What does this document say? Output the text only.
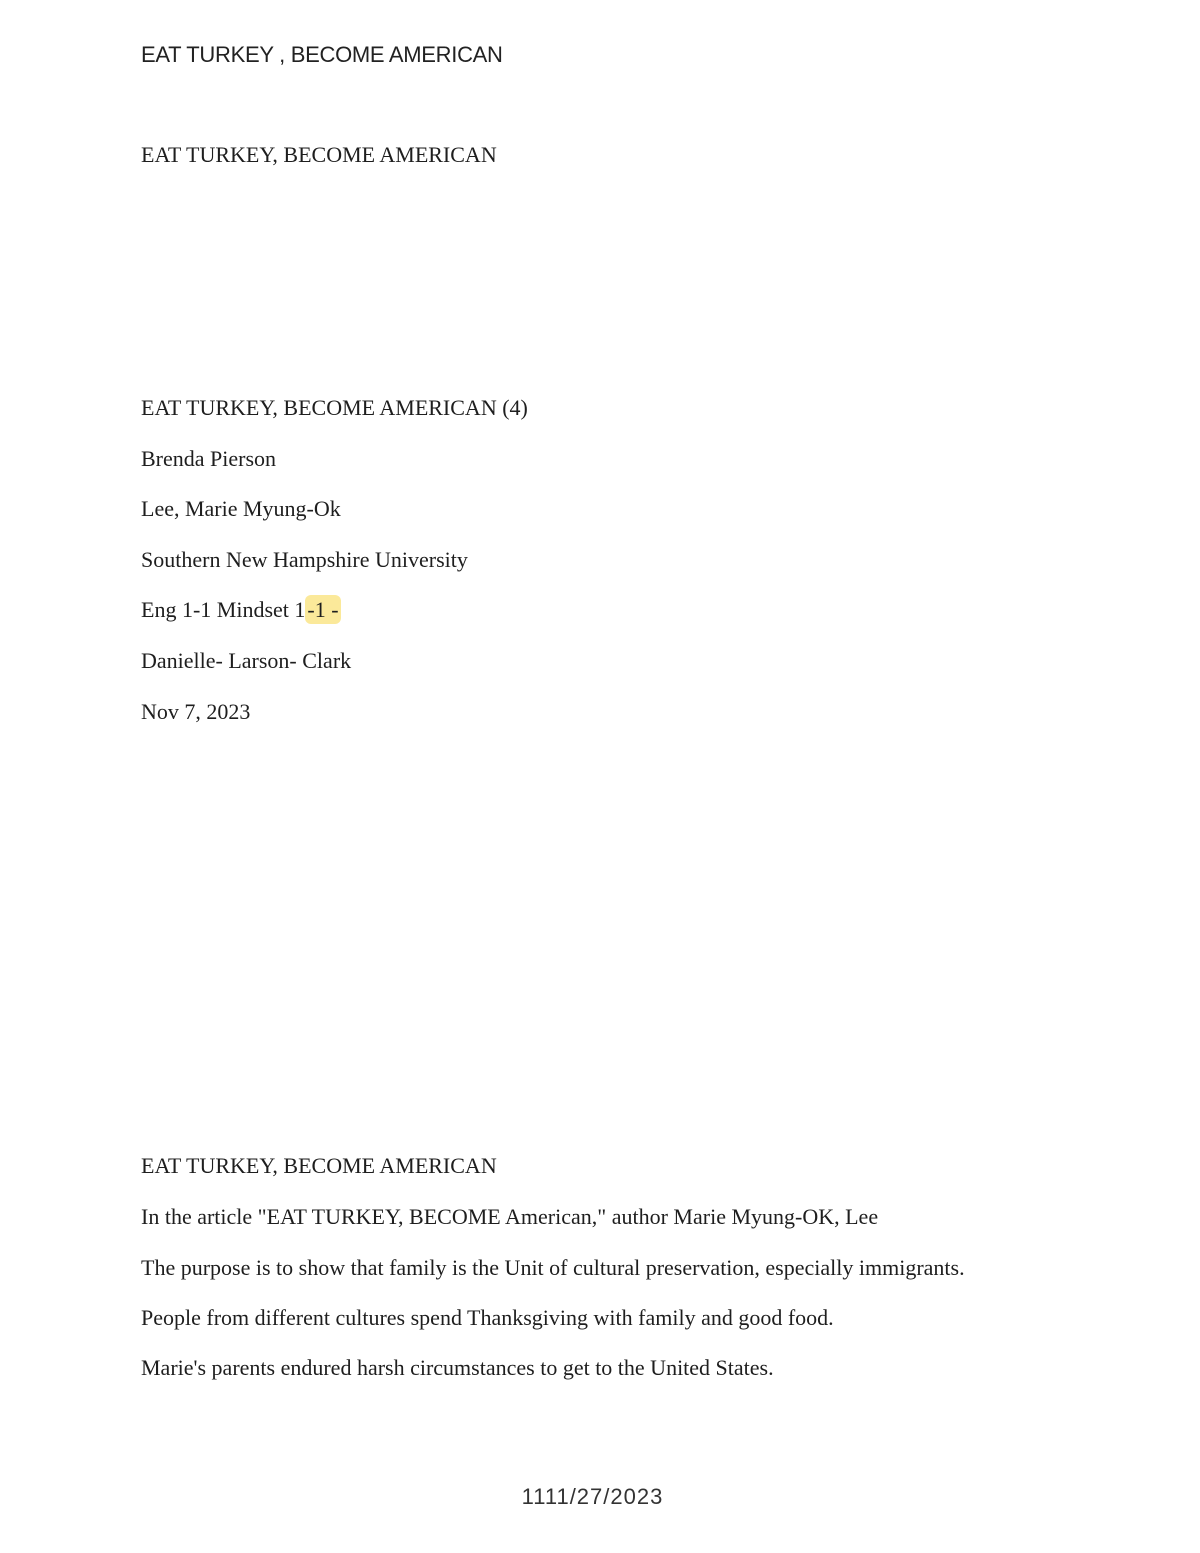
EAT TURKEY , BECOME AMERICAN
EAT TURKEY, BECOME AMERICAN
EAT TURKEY, BECOME AMERICAN (4)
Brenda Pierson
Lee, Marie Myung-Ok
Southern New Hampshire University
Eng 1-1 Mindset 1-1 -
Danielle- Larson- Clark
Nov 7, 2023
EAT TURKEY, BECOME AMERICAN
In the article "EAT TURKEY, BECOME American," author Marie Myung-OK, Lee
The purpose is to show that family is the Unit of cultural preservation, especially immigrants.
People from different cultures spend Thanksgiving with family and good food.
Marie's parents endured harsh circumstances to get to the United States.
1111/27/2023
